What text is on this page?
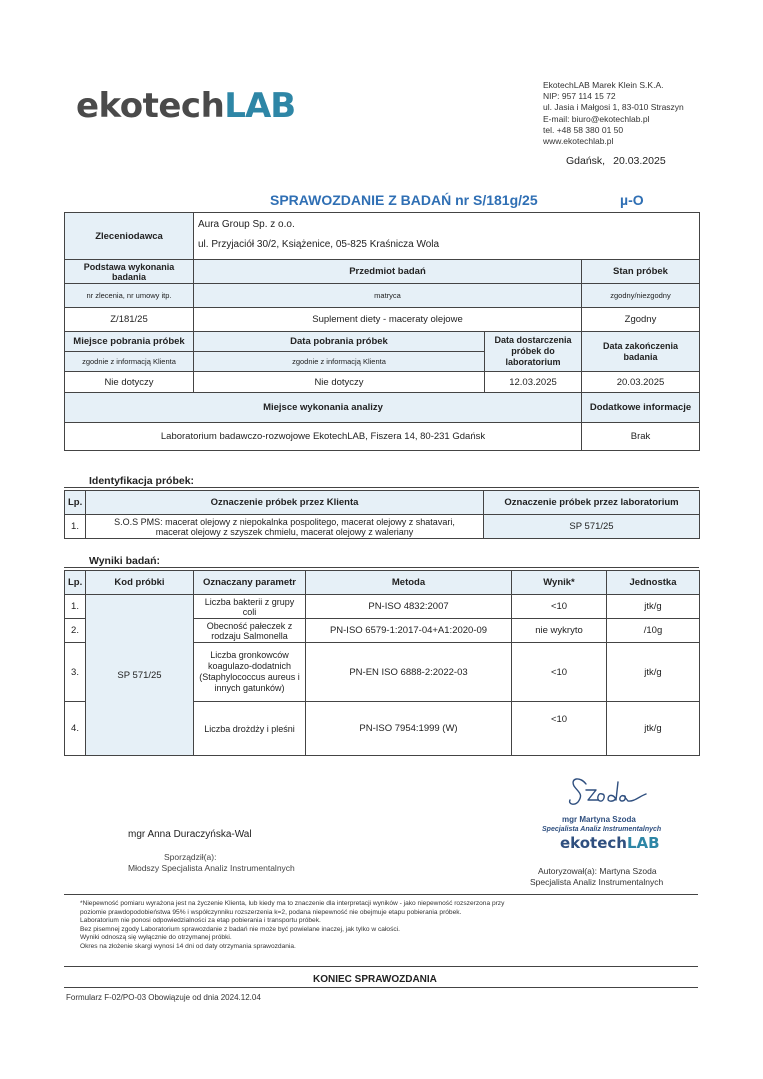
ekotechLAB
EkotechLAB Marek Klein S.K.A.
NIP: 957 114 15 72
ul. Jasia i Małgosi 1, 83-010 Straszyn
E-mail: biuro@ekotechlab.pl
tel. +48 58 380 01 50
www.ekotechlab.pl
Gdańsk, 20.03.2025
SPRAWOZDANIE Z BADAŃ nr S/181g/25	µ-O
Zleceniodawca	Aura Group Sp. z o.o.
ul. Przyjaciół 30/2, Książenice, 05-825 Kraśnicza Wola		

Podstawa wykonania badania	Przedmiot badań		Stan próbek
nr zlecenia, nr umowy itp.	matryca		zgodny/niezgodny
Z/181/25	Suplement diety - maceraty olejowe		Zgodny
Miejsce pobrania próbek	Data pobrania próbek	Data dostarczenia próbek do laboratorium	Data zakończenia badania
zgodnie z informacją Klienta	zgodnie z informacją Klienta		
Nie dotyczy	Nie dotyczy	12.03.2025	20.03.2025
Miejsce wykonania analizy			Dodatkowe informacje
Laboratorium badawczo-rozwojowe EkotechLAB, Fiszera 14, 80-231 Gdańsk			Brak
Identyfikacja próbek:
Lp.	Oznaczenie próbek przez Klienta	Oznaczenie próbek przez laboratorium
1.	S.O.S PMS: macerat olejowy z niepokalnka pospolitego, macerat olejowy z shatavari,
macerat olejowy z szyszek chmielu, macerat olejowy z waleriany	SP 571/25
Wyniki badań:
Lp.	Kod próbki	Oznaczany parametr	Metoda	Wynik*	Jednostka
1.	SP 571/25	Liczba bakterii z grupy coli	PN-ISO 4832:2007	<10	jtk/g
2.		Obecność pałeczek z rodzaju Salmonella	PN-ISO 6579-1:2017-04+A1:2020-09	nie wykryto	/10g
3.		Liczba gronkowców koagulazo-dodatnich (Staphylococcus aureus i innych gatunków)	PN-EN ISO 6888-2:2022-03	<10	jtk/g
4.		Liczba drożdży i pleśni	PN-ISO 7954:1999 (W)	<10	jtk/g
mgr Anna Duraczyńska-Wal
Sporządził(a):
Młodszy Specjalista Analiz Instrumentalnych
mgr Martyna Szoda
Specjalista Analiz Instrumentalnych
ekotechLAB
Autoryzował(a): Martyna Szoda
Specjalista Analiz Instrumentalnych
*Niepewność pomiaru wyrażona jest na życzenie Klienta, lub kiedy ma to znaczenie dla interpretacji wyników - jako niepewność rozszerzona przy
poziomie prawdopodobieństwa 95% i współczynniku rozszerzenia k=2, podana niepewność nie obejmuje etapu pobierania próbek.
Laboratorium nie ponosi odpowiedzialności za etap pobierania i transportu próbek.
Bez pisemnej zgody Laboratorium sprawozdanie z badań nie może być powielane inaczej, jak tylko w całości.
Wyniki odnoszą się wyłącznie do otrzymanej próbki.
Okres na złożenie skargi wynosi 14 dni od daty otrzymania sprawozdania.
KONIEC SPRAWOZDANIA
Formularz F-02/PO-03 Obowiązuje od dnia 2024.12.04
